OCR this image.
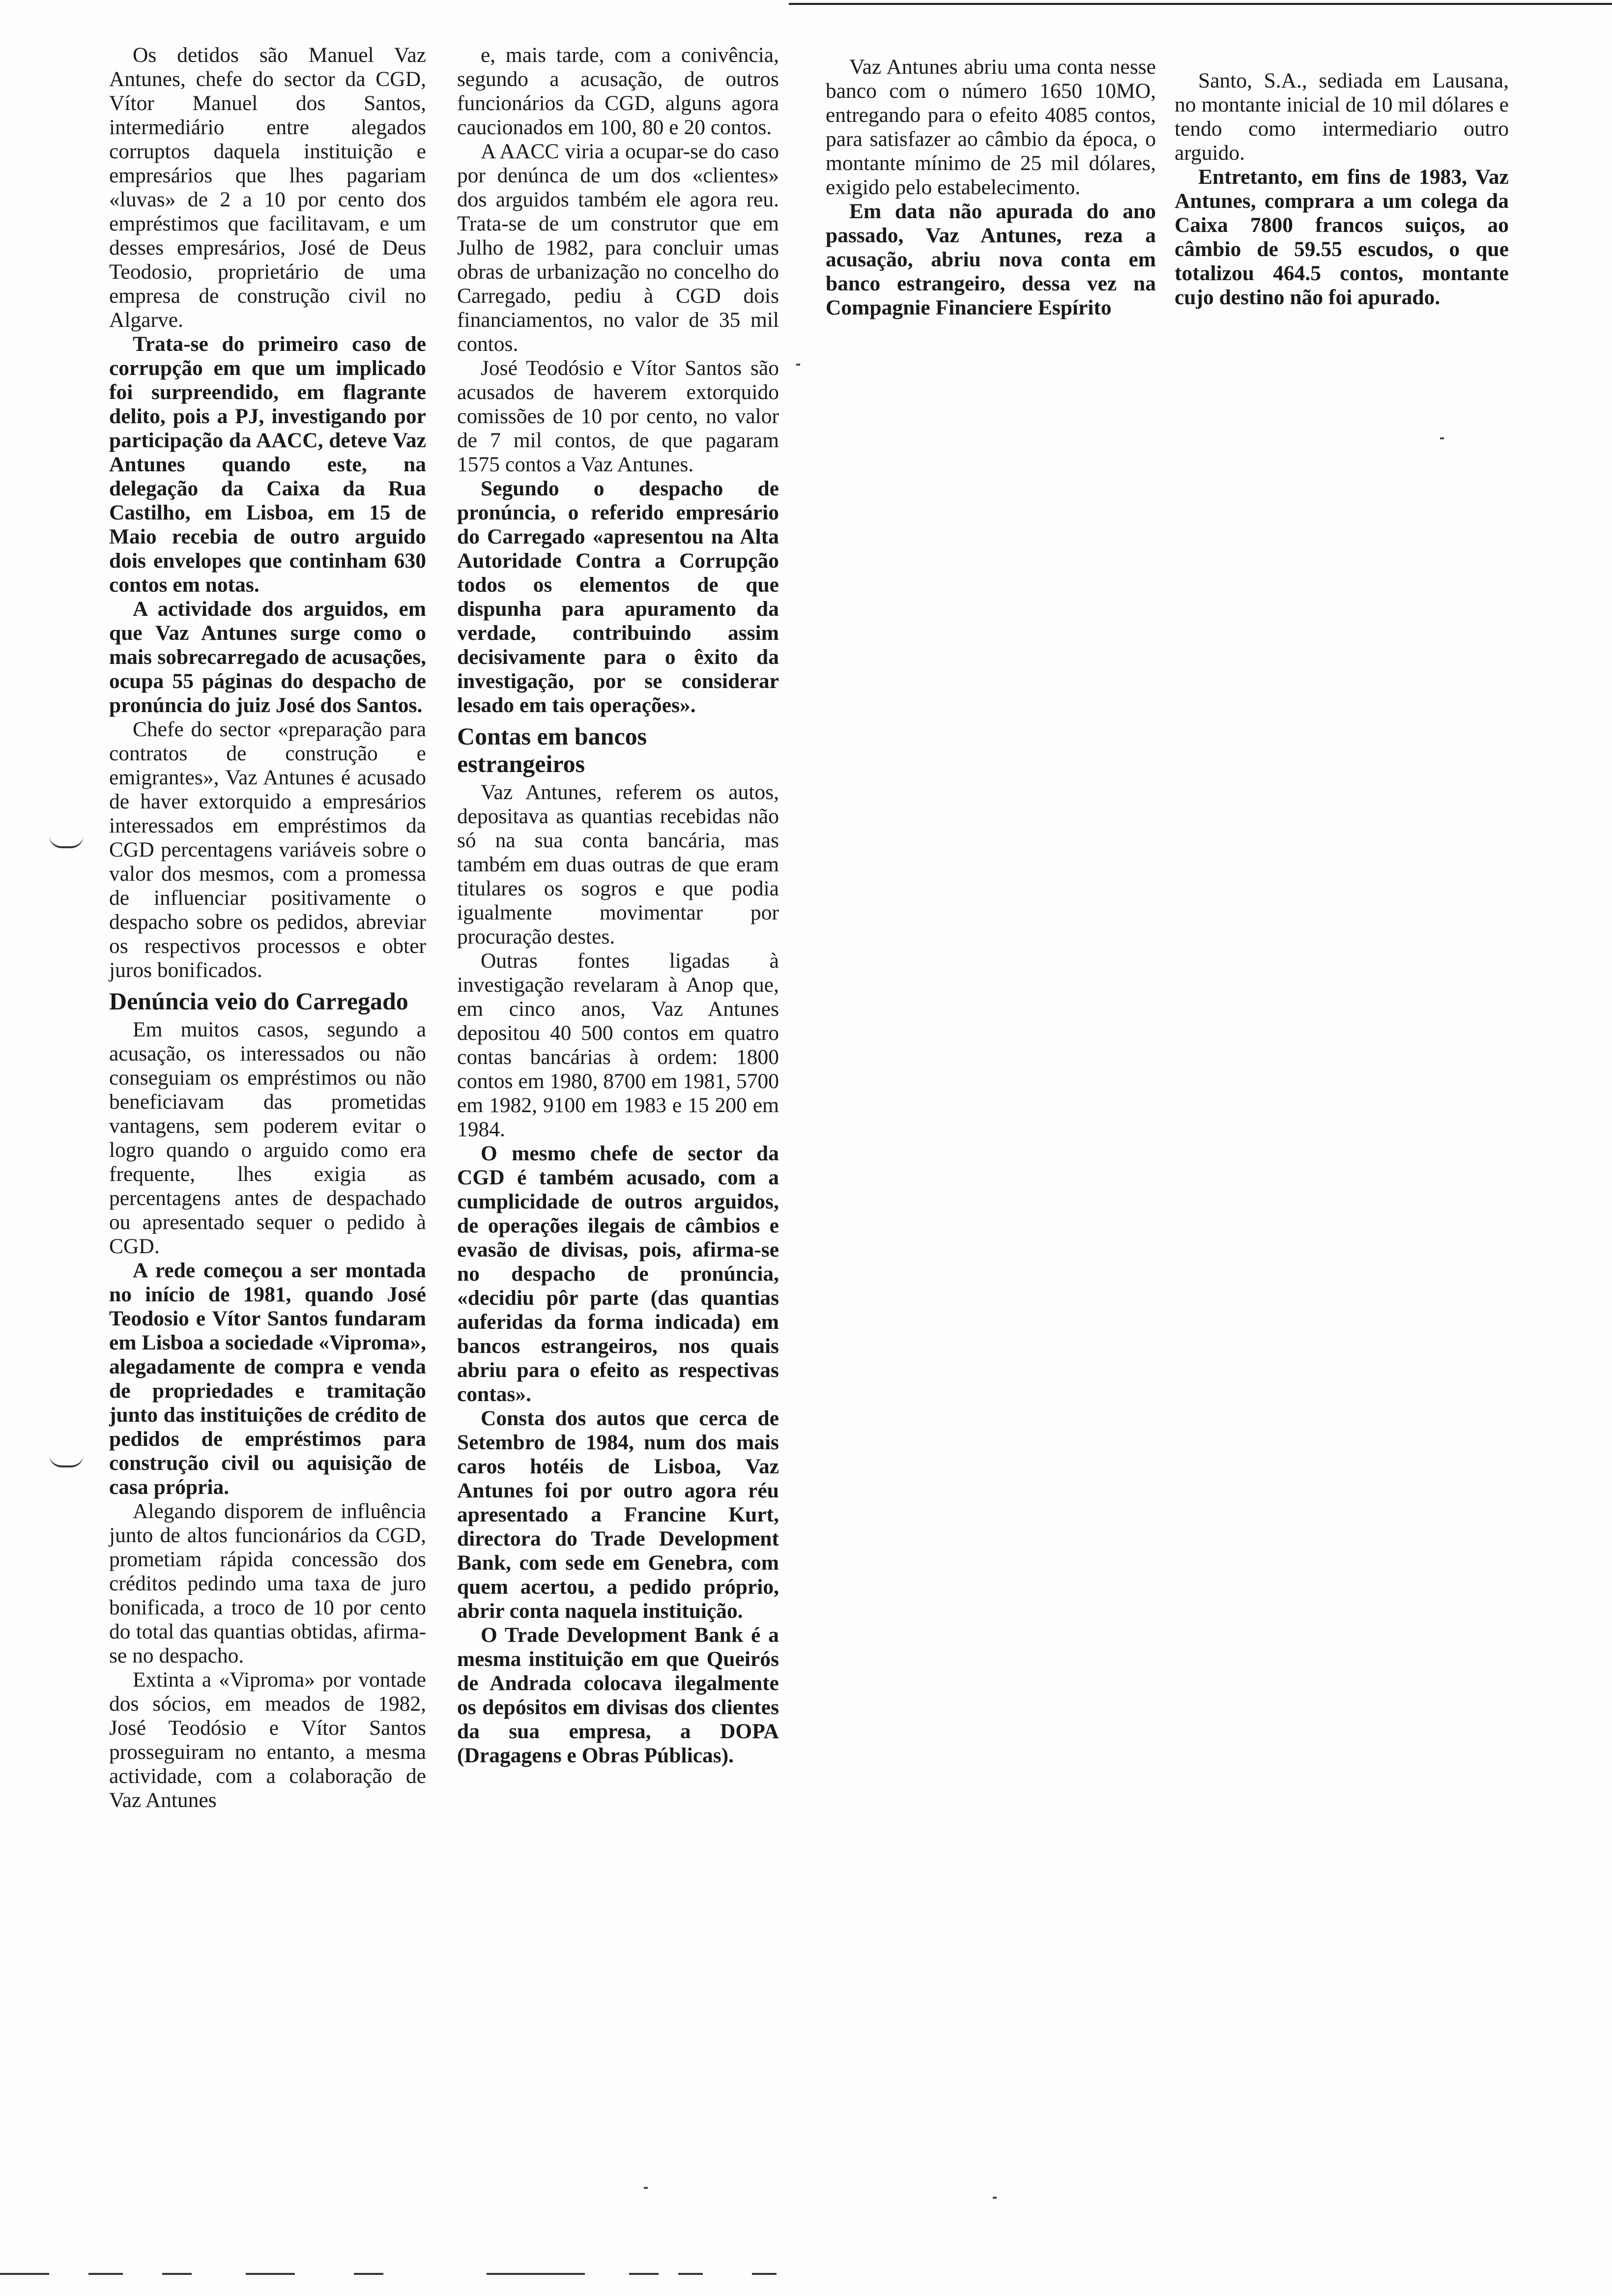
Os detidos são Manuel Vaz Antunes, chefe do sector da CGD, Vítor Manuel dos Santos, intermediário entre alegados corruptos daquela instituição e empresários que lhes pagariam «luvas» de 2 a 10 por cento dos empréstimos que facilitavam, e um desses empresários, José de Deus Teodosio, proprietário de uma empresa de construção civil no Algarve.

Trata-se do primeiro caso de corrupção em que um implicado foi surpreendido, em flagrante delito, pois a PJ, investigando por participação da AACC, deteve Vaz Antunes quando este, na delegação da Caixa da Rua Castilho, em Lisboa, em 15 de Maio recebia de outro arguido dois envelopes que continham 630 contos em notas.

A actividade dos arguidos, em que Vaz Antunes surge como o mais sobrecarregado de acusações, ocupa 55 páginas do despacho de pronúncia do juiz José dos Santos.

Chefe do sector «preparação para contratos de construção e emigrantes», Vaz Antunes é acusado de haver extorquido a empresários interessados em empréstimos da CGD percentagens variáveis sobre o valor dos mesmos, com a promessa de influenciar positivamente o despacho sobre os pedidos, abreviar os respectivos processos e obter juros bonificados.

Denúncia veio do Carregado

Em muitos casos, segundo a acusação, os interessados ou não conseguiam os empréstimos ou não beneficiavam das prometidas vantagens, sem poderem evitar o logro quando o arguido como era frequente, lhes exigia as percentagens antes de despachado ou apresentado sequer o pedido à CGD.

A rede começou a ser montada no início de 1981, quando José Teodosio e Vítor Santos fundaram em Lisboa a sociedade «Viproma», alegadamente de compra e venda de propriedades e tramitação junto das instituições de crédito de pedidos de empréstimos para construção civil ou aquisição de casa própria.

Alegando disporem de influência junto de altos funcionários da CGD, prometiam rápida concessão dos créditos pedindo uma taxa de juro bonificada, a troco de 10 por cento do total das quantias obtidas, afirma-se no despacho.

Extinta a «Viproma» por vontade dos sócios, em meados de 1982, José Teodósio e Vítor Santos prosseguiram no entanto, a mesma actividade, com a colaboração de Vaz Antunes

e, mais tarde, com a conivência, segundo a acusação, de outros funcionários da CGD, alguns agora caucionados em 100, 80 e 20 contos.

A AACC viria a ocupar-se do caso por denúnca de um dos «clientes» dos arguidos também ele agora reu. Trata-se de um construtor que em Julho de 1982, para concluir umas obras de urbanização no concelho do Carregado, pediu à CGD dois financiamentos, no valor de 35 mil contos.

José Teodósio e Vítor Santos são acusados de haverem extorquido comissões de 10 por cento, no valor de 7 mil contos, de que pagaram 1575 contos a Vaz Antunes.

Segundo o despacho de pronúncia, o referido empresário do Carregado «apresentou na Alta Autoridade Contra a Corrupção todos os elementos de que dispunha para apuramento da verdade, contribuindo assim decisivamente para o êxito da investigação, por se considerar lesado em tais operações».

Contas em bancos estrangeiros

Vaz Antunes, referem os autos, depositava as quantias recebidas não só na sua conta bancária, mas também em duas outras de que eram titulares os sogros e que podia igualmente movimentar por procuração destes.

Outras fontes ligadas à investigação revelaram à Anop que, em cinco anos, Vaz Antunes depositou 40 500 contos em quatro contas bancárias à ordem: 1800 contos em 1980, 8700 em 1981, 5700 em 1982, 9100 em 1983 e 15 200 em 1984.

O mesmo chefe de sector da CGD é também acusado, com a cumplicidade de outros arguidos, de operações ilegais de câmbios e evasão de divisas, pois, afirma-se no despacho de pronúncia, «decidiu pôr parte (das quantias auferidas da forma indicada) em bancos estrangeiros, nos quais abriu para o efeito as respectivas contas».

Consta dos autos que cerca de Setembro de 1984, num dos mais caros hotéis de Lisboa, Vaz Antunes foi por outro agora réu apresentado a Francine Kurt, directora do Trade Development Bank, com sede em Genebra, com quem acertou, a pedido próprio, abrir conta naquela instituição.

O Trade Development Bank é a mesma instituição em que Queirós de Andrada colocava ilegalmente os depósitos em divisas dos clientes da sua empresa, a DOPA (Dragagens e Obras Públicas).

Vaz Antunes abriu uma conta nesse banco com o número 1650 10MO, entregando para o efeito 4085 contos, para satisfazer ao câmbio da época, o montante mínimo de 25 mil dólares, exigido pelo estabelecimento.

Em data não apurada do ano passado, Vaz Antunes, reza a acusação, abriu nova conta em banco estrangeiro, dessa vez na Compagnie Financiere Espírito

Santo, S.A., sediada em Lausana, no montante inicial de 10 mil dólares e tendo como intermediario outro arguido.

Entretanto, em fins de 1983, Vaz Antunes, comprara a um colega da Caixa 7800 francos suiços, ao câmbio de 59.55 escudos, o que totalizou 464.5 contos, montante cujo destino não foi apurado.
